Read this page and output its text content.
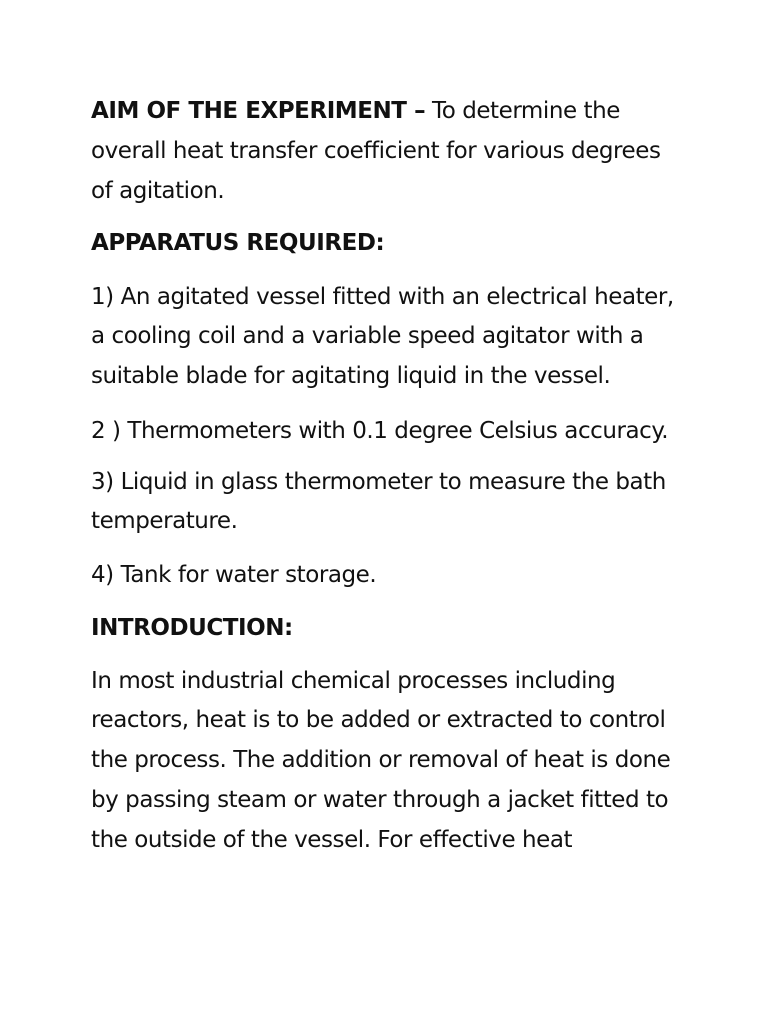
AIM OF THE EXPERIMENT – To determine the
overall heat transfer coefficient for various degrees
of agitation.
APPARATUS REQUIRED:
1) An agitated vessel fitted with an electrical heater,
a cooling coil and a variable speed agitator with a
suitable blade for agitating liquid in the vessel.
2 ) Thermometers with 0.1 degree Celsius accuracy.
3) Liquid in glass thermometer to measure the bath
temperature.
4) Tank for water storage.
INTRODUCTION:
In most industrial chemical processes including
reactors, heat is to be added or extracted to control
the process. The addition or removal of heat is done
by passing steam or water through a jacket fitted to
the outside of the vessel. For effective heat
